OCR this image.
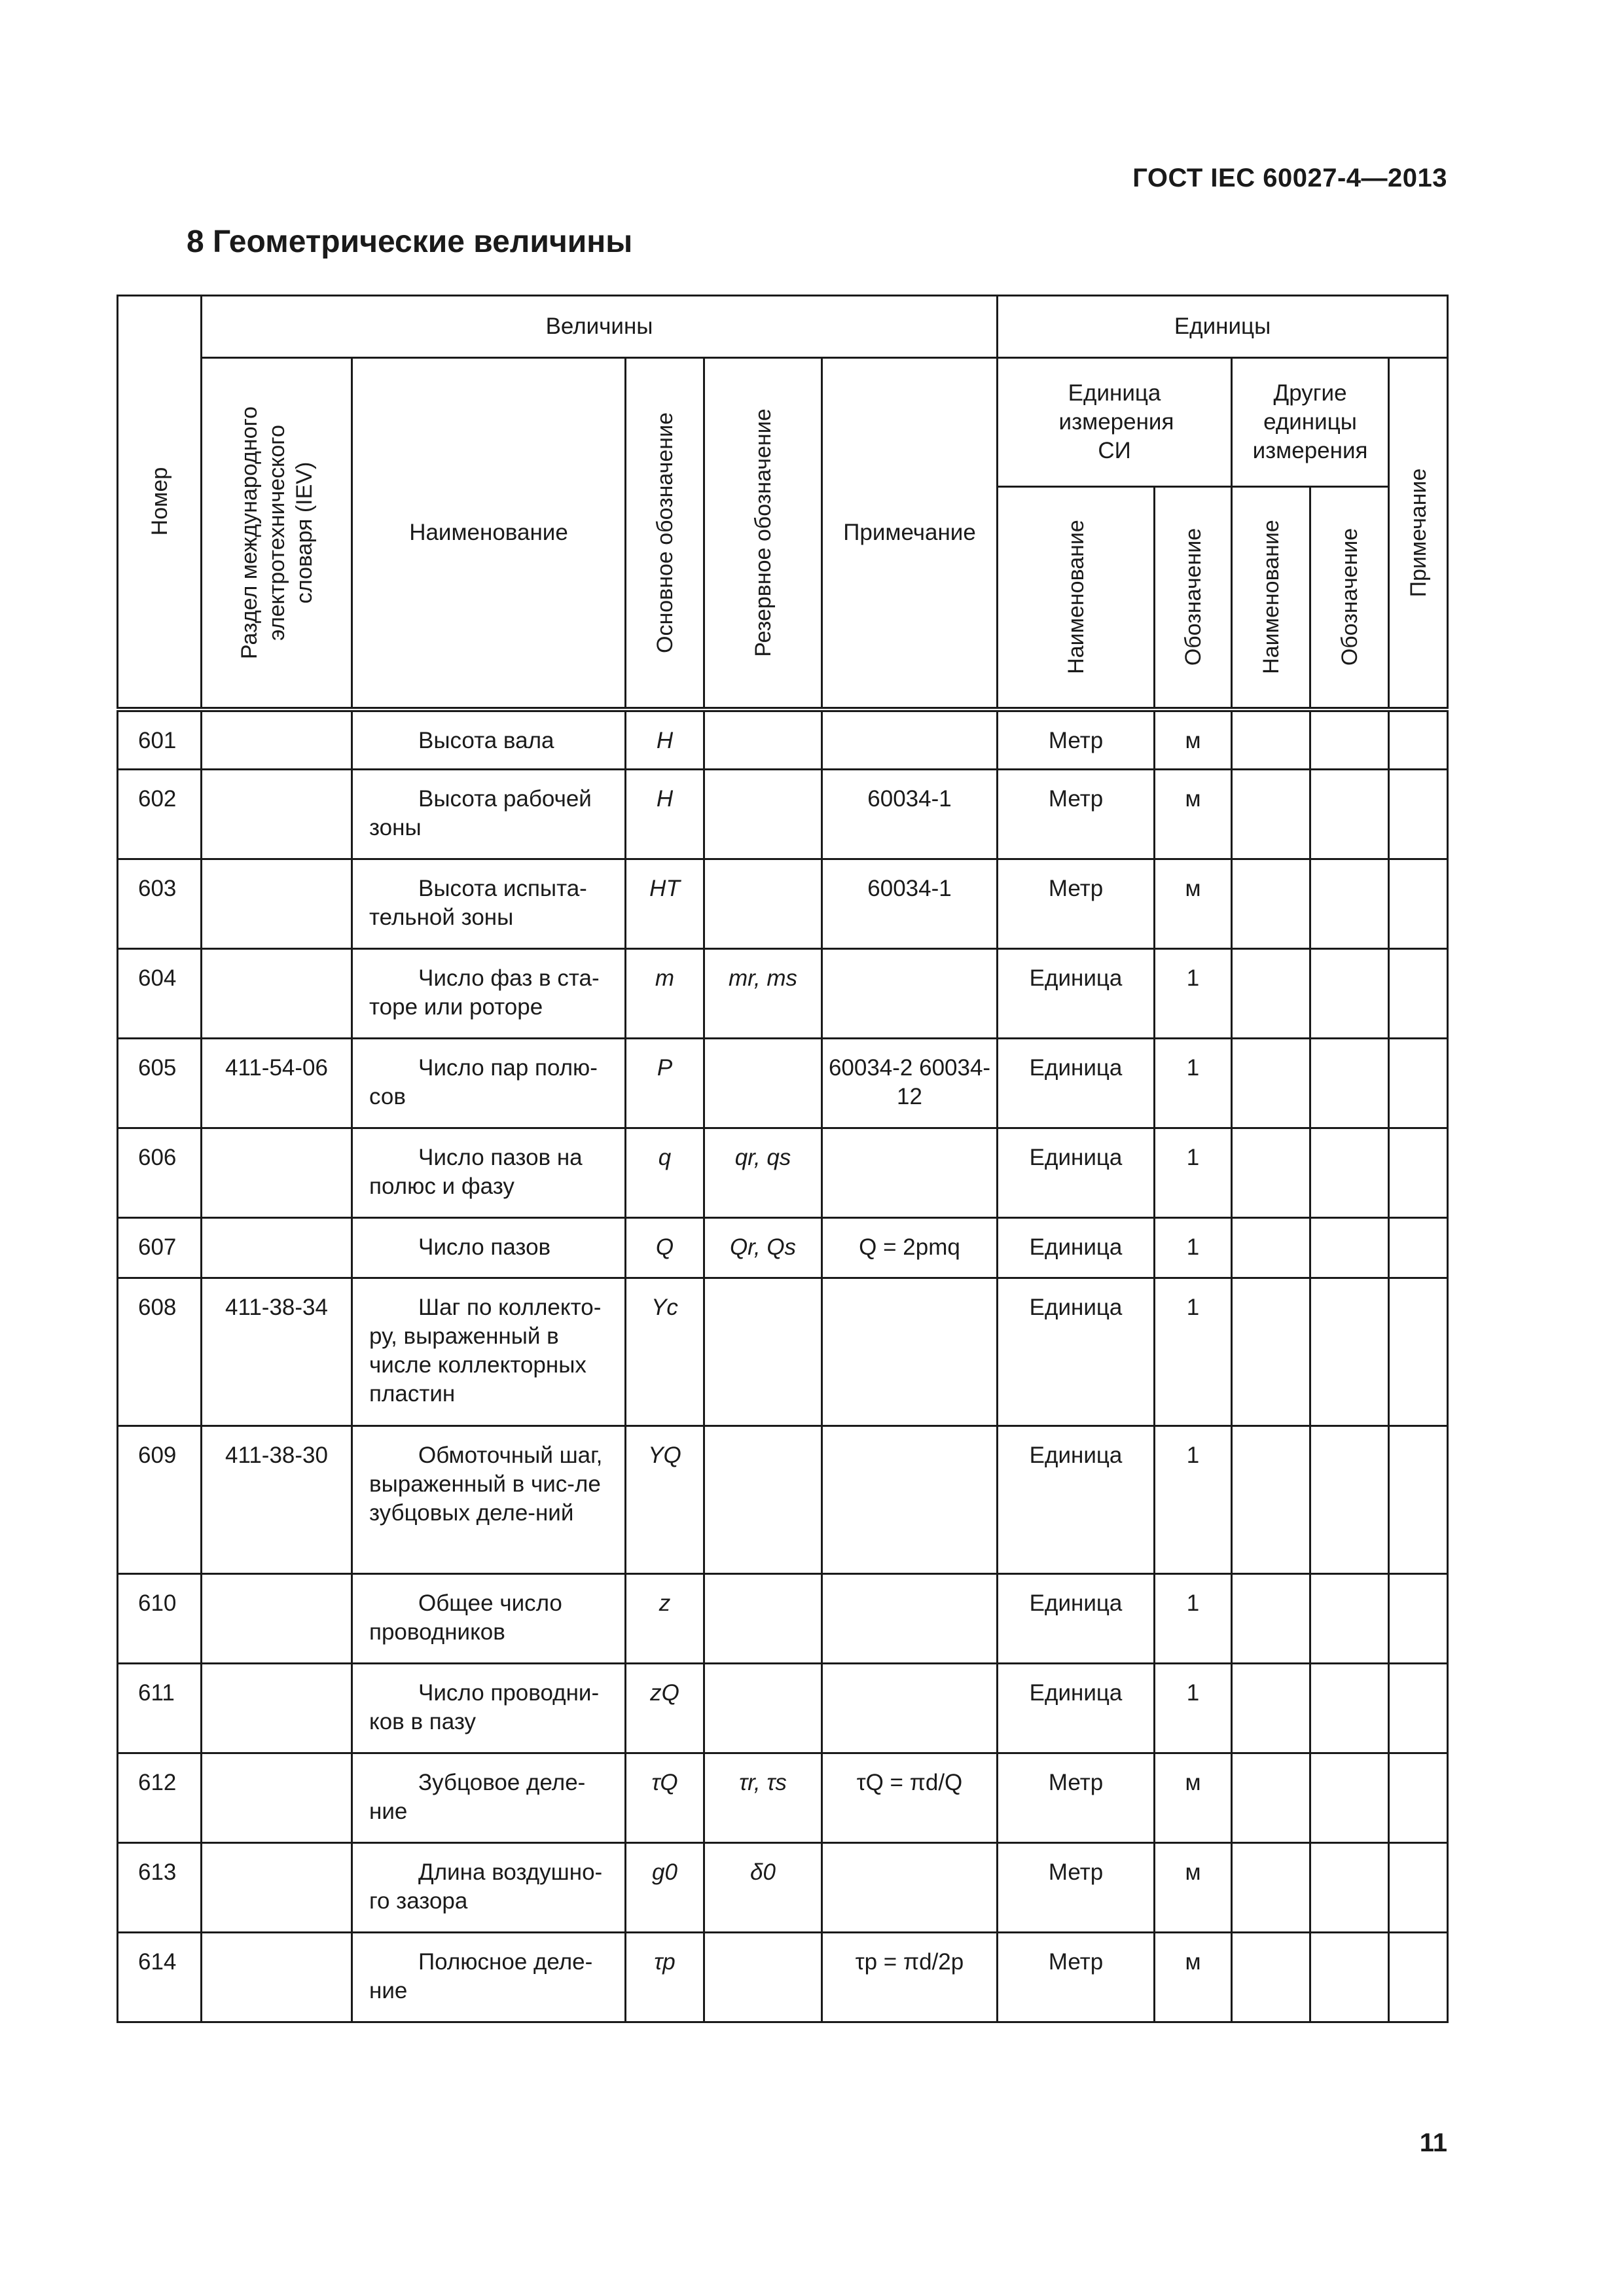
ГОСТ IEC 60027-4—2013
8 Геометрические величины
Номер	Величины					Единицы				

	Раздел международного электротехнического словаря (IEV)	Наименование	Основное обозначение	Резервное обозначение	Примечание	Единица измерения СИ		Другие единицы измерения		Примечание

						Наименование	Обозначение	Наименование	Обозначение	

601		Высота вала	H			Метр	м			
602		Высота рабочей зоны	H		60034-1	Метр	м			
603		Высота испыта-тельной зоны	HT		60034-1	Метр	м			
604		Число фаз в ста-торе или роторе	m	mr, ms		Единица	1			
605	411-54-06	Число пар полю-сов	P		60034-2 60034-12	Единица	1			
606		Число пазов на полюс и фазу	q	qr, qs		Единица	1			
607		Число пазов	Q	Qr, Qs	Q = 2pmq	Единица	1			
608	411-38-34	Шаг по коллекто-ру, выраженный в числе коллекторных пластин	Yc			Единица	1			
609	411-38-30	Обмоточный шаг, выраженный в чис-ле зубцовых деле-ний	YQ			Единица	1			
610		Общее число проводников	z			Единица	1			
611		Число проводни-ков в пазу	zQ			Единица	1			
612		Зубцовое деле-ние	τQ	τr, τs	τQ = πd/Q	Метр	м			
613		Длина воздушно-го зазора	g0	δ0		Метр	м			
614		Полюсное деле-ние	τp		τp = πd/2p	Метр	м			
11
